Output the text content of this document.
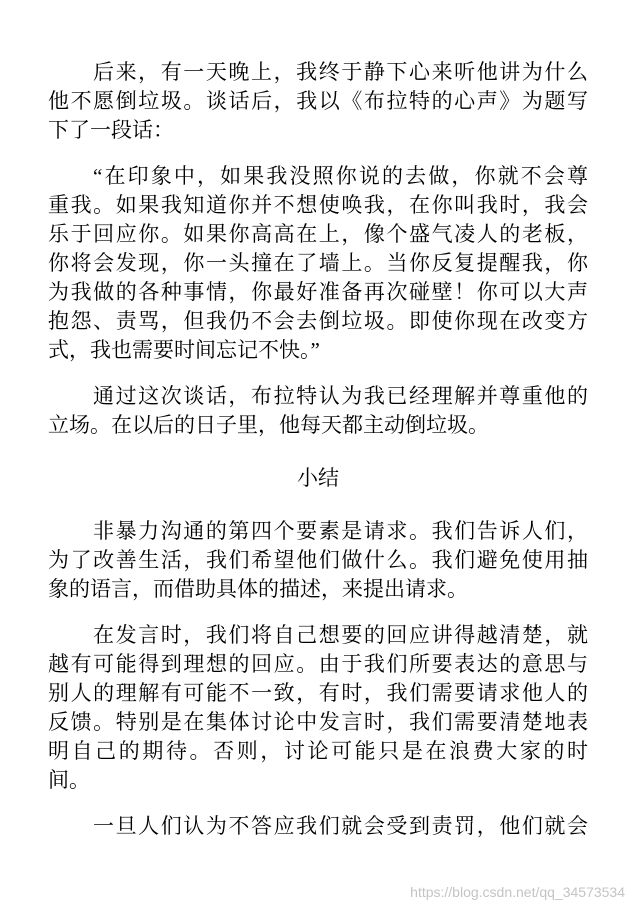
后来，有一天晚上，我终于静下心来听他讲为什么
他不愿倒垃圾。谈话后，我以《布拉特的心声》为题写
下了一段话：
“在印象中，如果我没照你说的去做，你就不会尊
重我。如果我知道你并不想使唤我，在你叫我时，我会
乐于回应你。如果你高高在上，像个盛气凌人的老板，
你将会发现，你一头撞在了墙上。当你反复提醒我，你
为我做的各种事情，你最好准备再次碰壁！你可以大声
抱怨、责骂，但我仍不会去倒垃圾。即使你现在改变方
式，我也需要时间忘记不快。”
通过这次谈话，布拉特认为我已经理解并尊重他的
立场。在以后的日子里，他每天都主动倒垃圾。
小结
非暴力沟通的第四个要素是请求。我们告诉人们，
为了改善生活，我们希望他们做什么。我们避免使用抽
象的语言，而借助具体的描述，来提出请求。
在发言时，我们将自己想要的回应讲得越清楚，就
越有可能得到理想的回应。由于我们所要表达的意思与
别人的理解有可能不一致，有时，我们需要请求他人的
反馈。特别是在集体讨论中发言时，我们需要清楚地表
明自己的期待。否则，讨论可能只是在浪费大家的时
间。
一旦人们认为不答应我们就会受到责罚，他们就会
https://blog.csdn.net/qq_34573534
